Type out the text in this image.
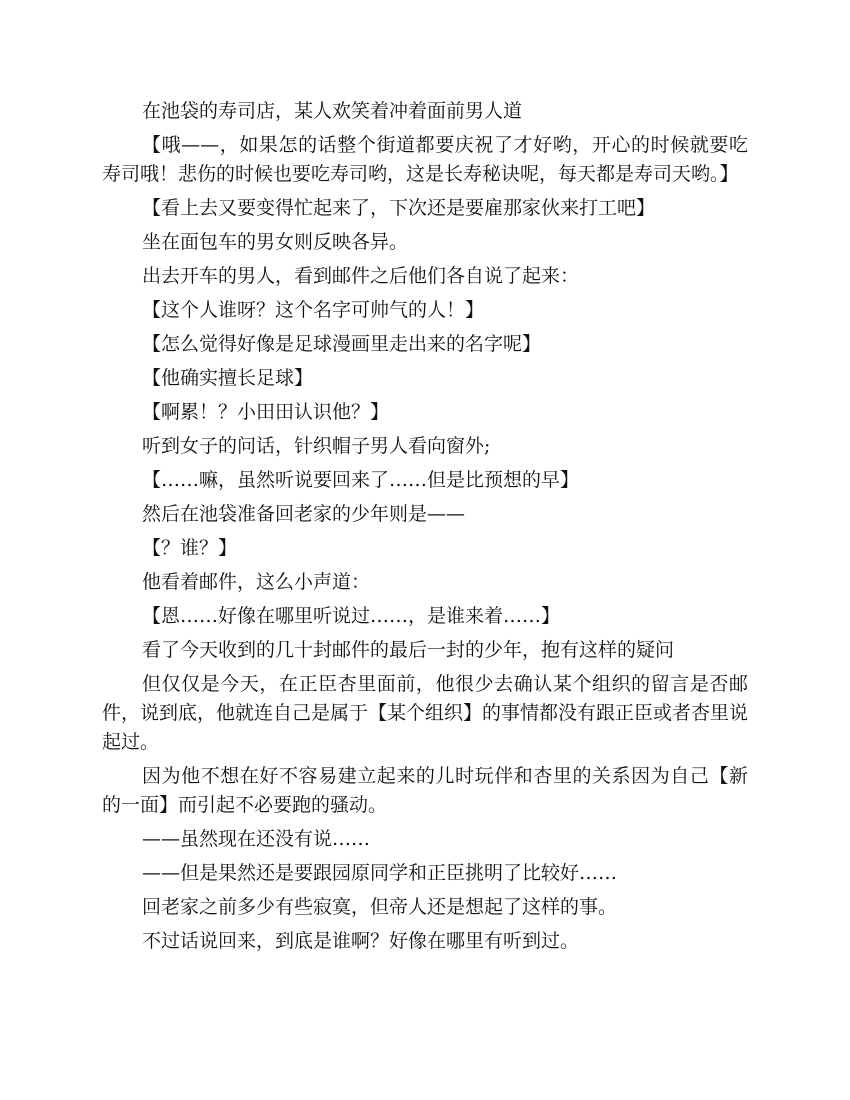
在池袋的寿司店，某人欢笑着冲着面前男人道

【哦——，如果怎的话整个街道都要庆祝了才好哟，开心的时候就要吃寿司哦！悲伤的时候也要吃寿司哟，这是长寿秘诀呢，每天都是寿司天哟。】

【看上去又要变得忙起来了，下次还是要雇那家伙来打工吧】

坐在面包车的男女则反映各异。

出去开车的男人，看到邮件之后他们各自说了起来：

【这个人谁呀？这个名字可帅气的人！】

【怎么觉得好像是足球漫画里走出来的名字呢】

【他确实擅长足球】

【啊累！？小田田认识他？】

听到女子的问话，针织帽子男人看向窗外;

【……嘛，虽然听说要回来了……但是比预想的早】

然后在池袋准备回老家的少年则是——

【？谁？】

他看着邮件，这么小声道：

【恩……好像在哪里听说过……，是谁来着……】

看了今天收到的几十封邮件的最后一封的少年，抱有这样的疑问

但仅仅是今天，在正臣杏里面前，他很少去确认某个组织的留言是否邮件，说到底，他就连自己是属于【某个组织】的事情都没有跟正臣或者杏里说起过。

因为他不想在好不容易建立起来的儿时玩伴和杏里的关系因为自己【新的一面】而引起不必要跑的骚动。

——虽然现在还没有说……

——但是果然还是要跟园原同学和正臣挑明了比较好……

回老家之前多少有些寂寞，但帝人还是想起了这样的事。

不过话说回来，到底是谁啊？好像在哪里有听到过。
